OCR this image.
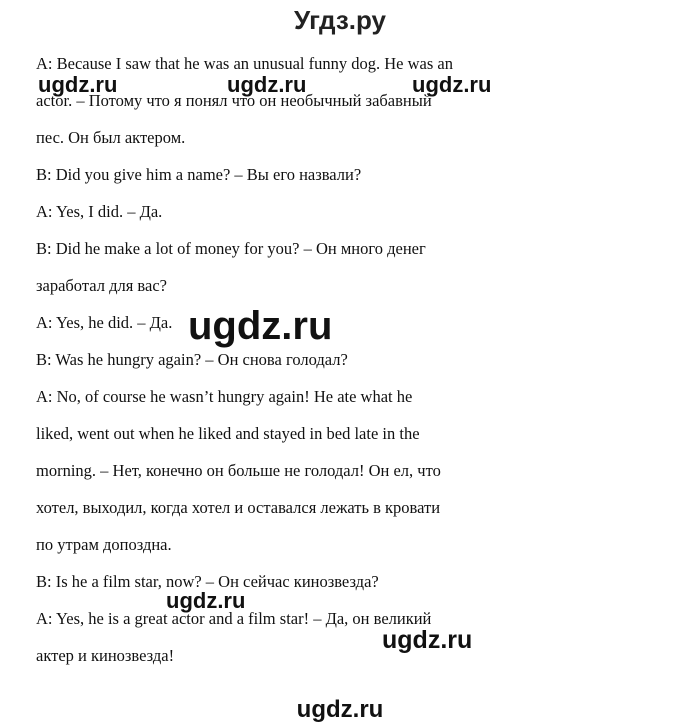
Угдз.ру
A: Because I saw that he was an unusual funny dog. He was an
actor. – Потому что я понял что он необычный забавный
пес. Он был актером.
B: Did you give him a name? – Вы его назвали?
A: Yes, I did. – Да.
B: Did he make a lot of money for you? – Он много денег
заработал для вас?
A: Yes, he did. – Да.
B: Was he hungry again? – Он снова голодал?
A: No, of course he wasn’t hungry again! He ate what he
liked, went out when he liked and stayed in bed late in the
morning. – Нет, конечно он больше не голодал! Он ел, что
хотел, выходил, когда хотел и оставался лежать в кровати
по утрам допоздна.
B: Is he a film star, now? – Он сейчас кинозвезда?
A: Yes, he is a great actor and a film star! – Да, он великий
актер и кинозвезда!
ugdz.ru	ugdz.ru	ugdz.ru
ugdz.ru
ugdz.ru
ugdz.ru
ugdz.ru
